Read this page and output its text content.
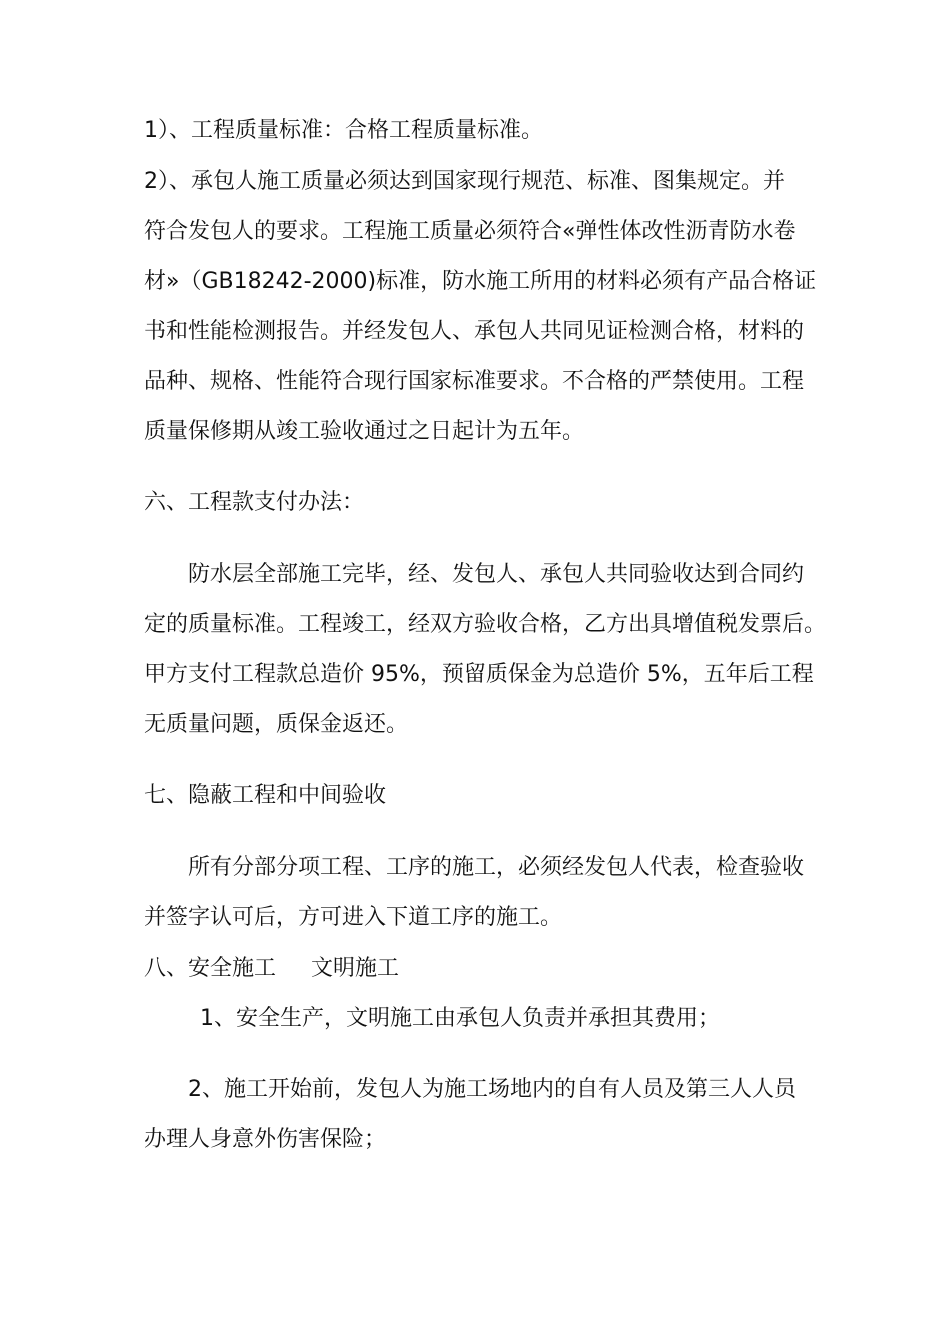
1）、工程质量标准：合格工程质量标准。
2）、承包人施工质量必须达到国家现行规范、标准、图集规定。并
符合发包人的要求。工程施工质量必须符合«弹性体改性沥青防水卷
材»（GB18242-2000)标准，防水施工所用的材料必须有产品合格证
书和性能检测报告。并经发包人、承包人共同见证检测合格，材料的
品种、规格、性能符合现行国家标准要求。不合格的严禁使用。工程
质量保修期从竣工验收通过之日起计为五年。
六、工程款支付办法：
防水层全部施工完毕，经、发包人、承包人共同验收达到合同约
定的质量标准。工程竣工，经双方验收合格，乙方出具增值税发票后。
甲方支付工程款总造价 95%，预留质保金为总造价 5%，五年后工程
无质量问题，质保金返还。
七、隐蔽工程和中间验收
所有分部分项工程、工序的施工，必须经发包人代表，检查验收
并签字认可后，方可进入下道工序的施工。
八、安全施工     文明施工
1、安全生产，文明施工由承包人负责并承担其费用；
2、施工开始前，发包人为施工场地内的自有人员及第三人人员
办理人身意外伤害保险；
